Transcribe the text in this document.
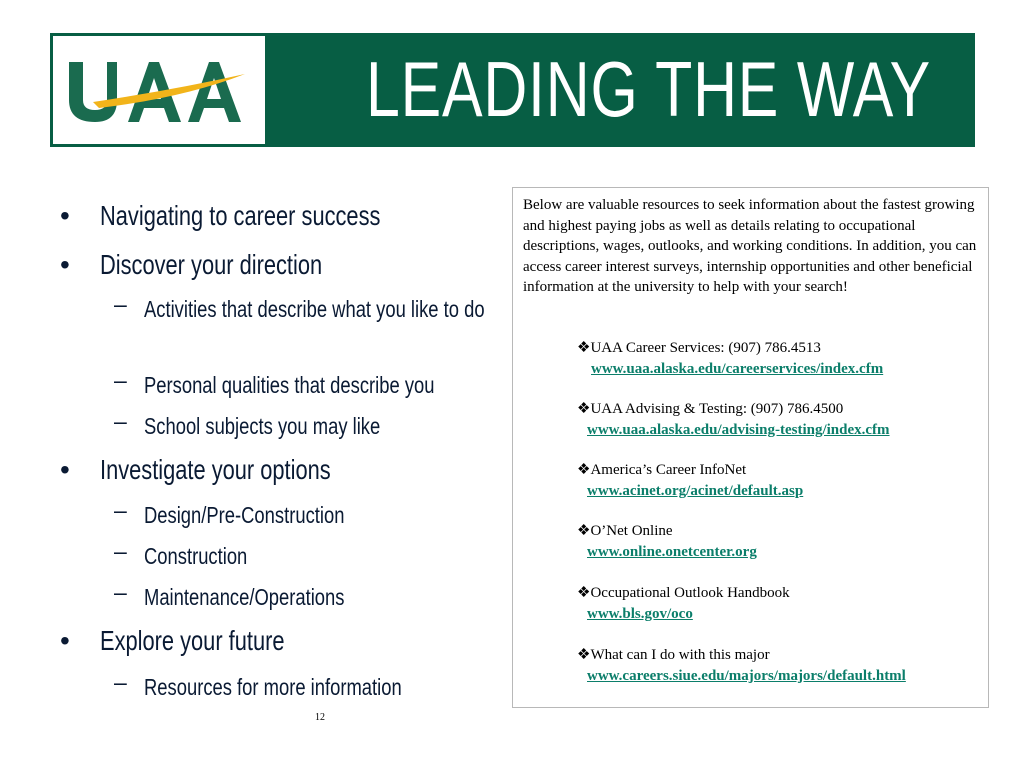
LEADING THE WAY
•	Navigating to career success
•	Discover your direction
– Activities that describe what you like to do
– Personal qualities that describe you
– School subjects you may like
•	Investigate your options
– Design/Pre-Construction
– Construction
– Maintenance/Operations
•	Explore your future
– Resources for more information
Below are valuable resources to seek information about the fastest growing and highest paying jobs as well as details relating to occupational descriptions, wages, outlooks, and working conditions. In addition, you can access career interest surveys, internship opportunities and other beneficial information at the university to help with your search!
❖UAA Career Services: (907) 786.4513
www.uaa.alaska.edu/careerservices/index.cfm
❖UAA Advising & Testing: (907) 786.4500
www.uaa.alaska.edu/advising-testing/index.cfm
❖America’s Career InfoNet
www.acinet.org/acinet/default.asp
❖O’Net Online
www.online.onetcenter.org
❖Occupational Outlook Handbook
www.bls.gov/oco
❖What can I do with this major
www.careers.siue.edu/majors/majors/default.html
12
